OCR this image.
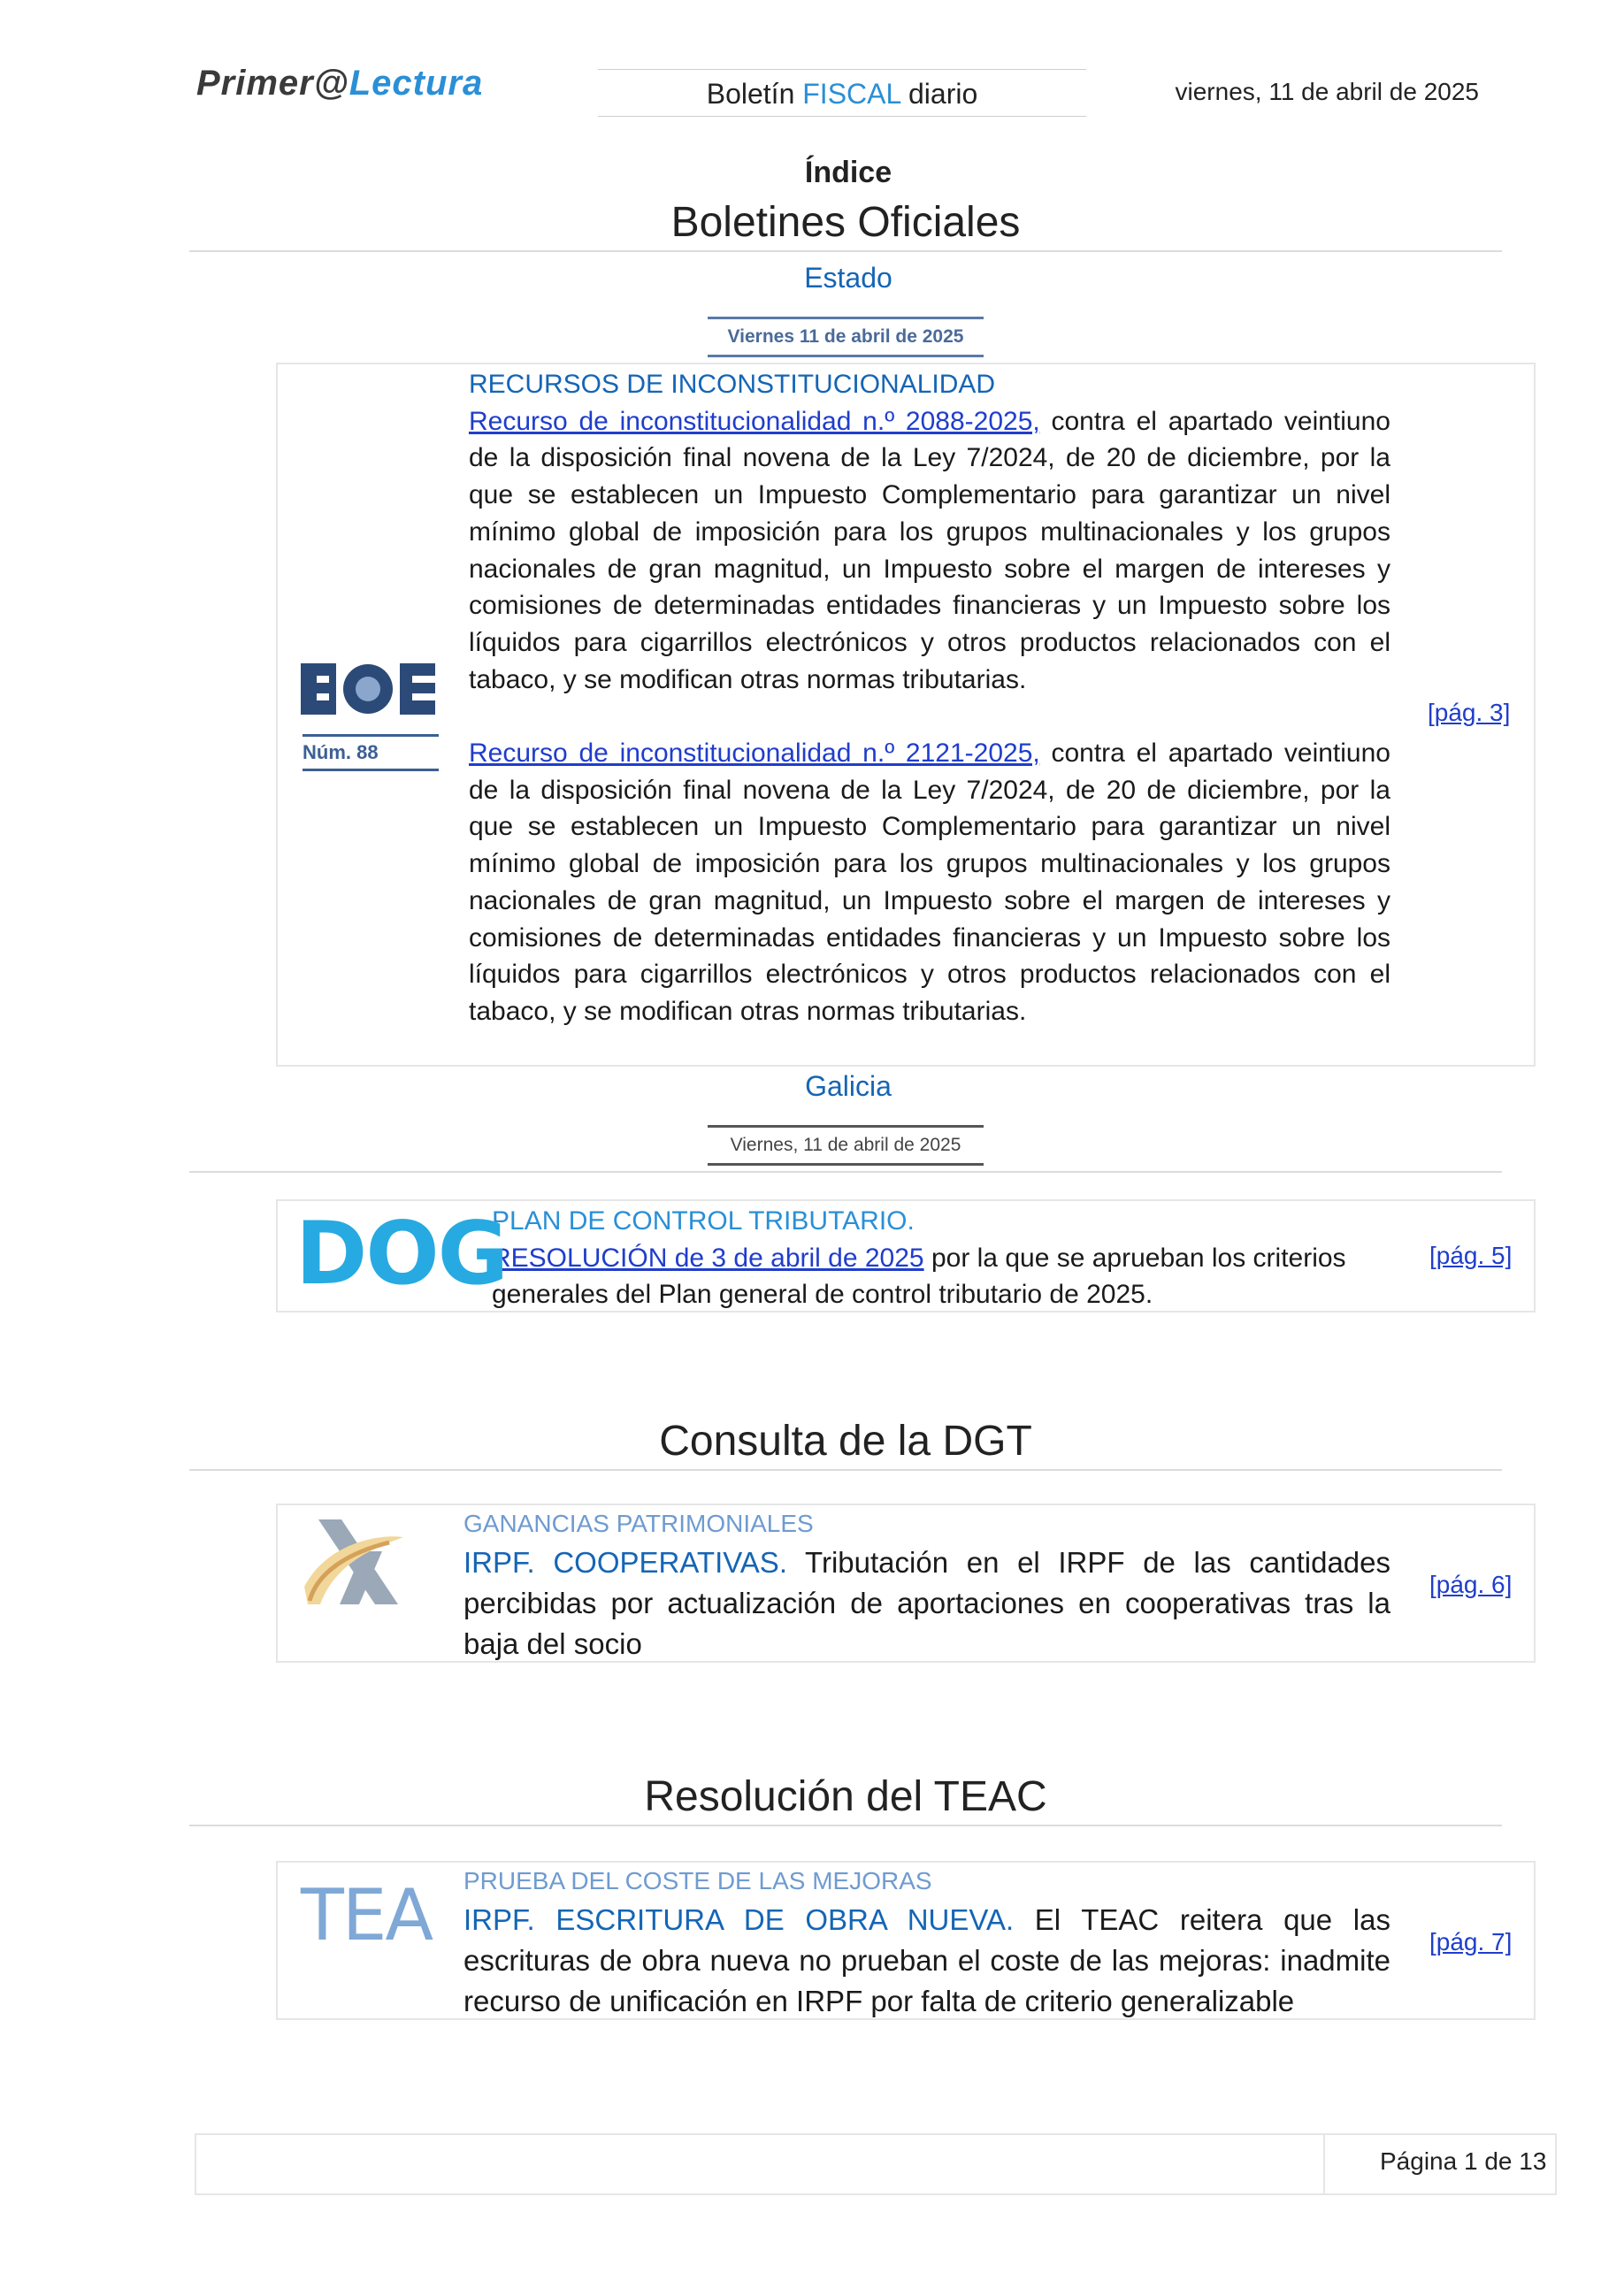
Primer@Lectura	Boletín FISCAL diario	viernes, 11 de abril de 2025
Índice
Boletines Oficiales
Estado
Viernes 11 de abril de 2025
RECURSOS DE INCONSTITUCIONALIDAD
Recurso de inconstitucionalidad n.º 2088-2025, contra el apartado veintiuno de la disposición final novena de la Ley 7/2024, de 20 de diciembre, por la que se establecen un Impuesto Complementario para garantizar un nivel mínimo global de imposición para los grupos multinacionales y los grupos nacionales de gran magnitud, un Impuesto sobre el margen de intereses y comisiones de determinadas entidades financieras y un Impuesto sobre los líquidos para cigarrillos electrónicos y otros productos relacionados con el tabaco, y se modifican otras normas tributarias.
Recurso de inconstitucionalidad n.º 2121-2025, contra el apartado veintiuno de la disposición final novena de la Ley 7/2024, de 20 de diciembre, por la que se establecen un Impuesto Complementario para garantizar un nivel mínimo global de imposición para los grupos multinacionales y los grupos nacionales de gran magnitud, un Impuesto sobre el margen de intereses y comisiones de determinadas entidades financieras y un Impuesto sobre los líquidos para cigarrillos electrónicos y otros productos relacionados con el tabaco, y se modifican otras normas tributarias.
[pág. 3]
Núm. 88
Galicia
Viernes, 11 de abril de 2025
PLAN DE CONTROL TRIBUTARIO.
RESOLUCIÓN de 3 de abril de 2025 por la que se aprueban los criterios generales del Plan general de control tributario de 2025.
[pág. 5]
DOG
Consulta de la DGT
GANANCIAS PATRIMONIALES
IRPF. COOPERATIVAS. Tributación en el IRPF de las cantidades percibidas por actualización de aportaciones en cooperativas tras la baja del socio
[pág. 6]
Resolución del TEAC
PRUEBA DEL COSTE DE LAS MEJORAS
IRPF. ESCRITURA DE OBRA NUEVA. El TEAC reitera que las escrituras de obra nueva no prueban el coste de las mejoras: inadmite recurso de unificación en IRPF por falta de criterio generalizable
[pág. 7]
TEA
Página 1 de 13
